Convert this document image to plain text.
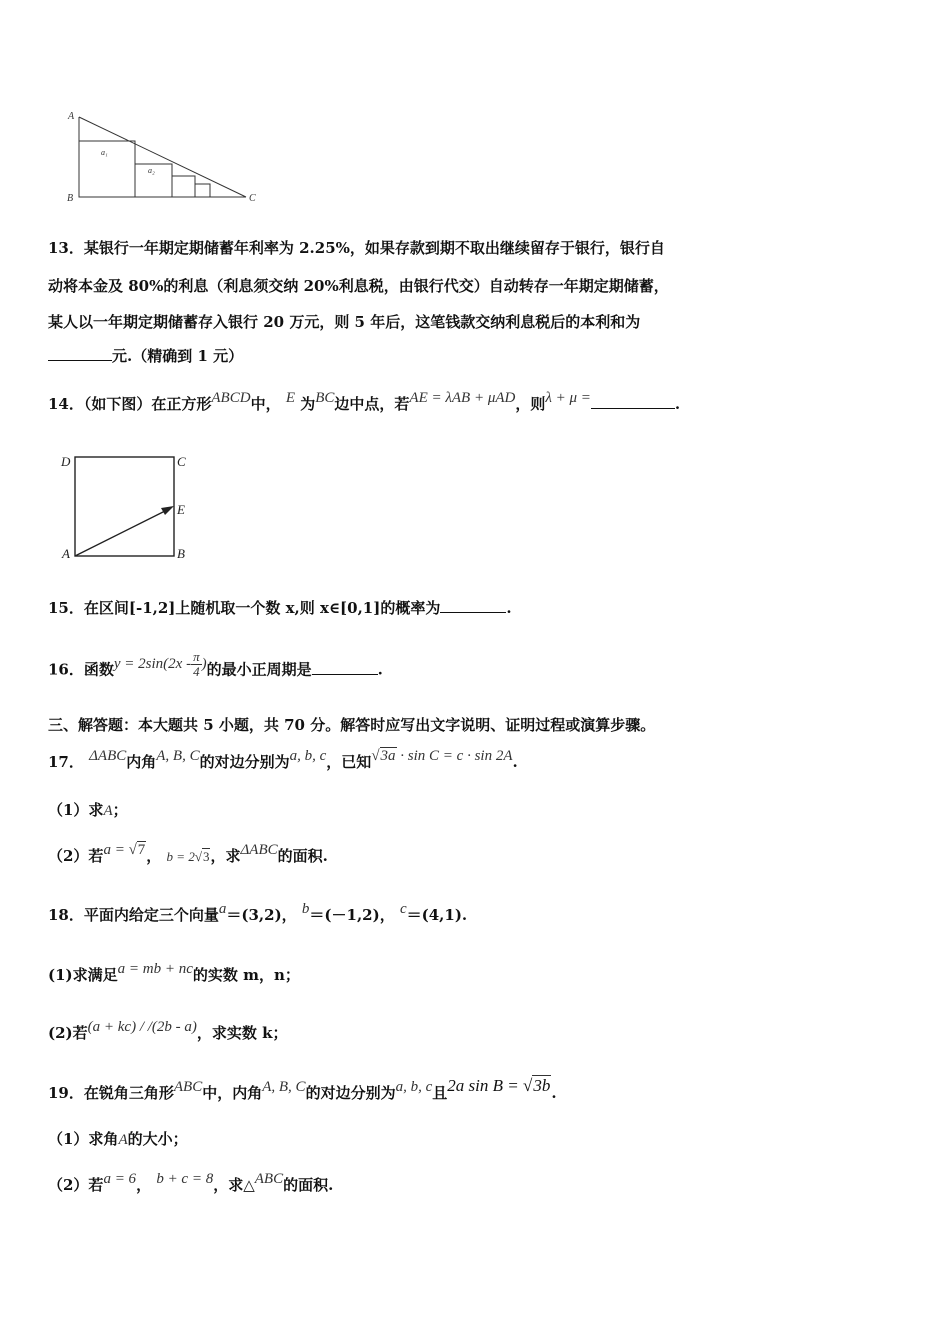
A
B	C
a₁
a₂
13．某银行一年期定期储蓄年利率为 2.25%，如果存款到期不取出继续留存于银行，银行自
动将本金及 80%的利息（利息须交纳 20%利息税，由银行代交）自动转存一年期定期储蓄，
某人以一年期定期储蓄存入银行 20 万元，则 5 年后，这笔钱款交纳利息税后的本利和为
元.（精确到 1 元）
14．（如下图）在正方形ABCD中， E 为BC边中点，若AE = λAB + μAD，则λ + μ =	.
D	C
E
A	B
15．在区间[-1,2]上随机取一个数 x,则 x∈[0,1]的概率为	.
16．函数$y = 2\sin(2x - \frac{\pi}{4}$ )的最小正周期是	.
三、解答题：本大题共 5 小题，共 70 分。解答时应写出文字说明、证明过程或演算步骤。
17． ΔABC内角A, B, C的对边分别为a, b, c，已知√3a · sin C = c · sin 2A.
（1）求A；
（2）若a = √7， b = 2√3，求ΔABC的面积.
18．平面内给定三个向量a＝(3,2)， b＝(－1,2)， c＝(4,1).
(1)求满足a = mb + nc的实数 m，n；
(2)若(a + kc) / /(2b - a)，求实数 k；
19．在锐角三角形ABC中，内角A, B, C的对边分别为a, b, c且2a sin B = √3b.
（1）求角A的大小；
（2）若a = 6， b + c = 8，求△ABC的面积.
